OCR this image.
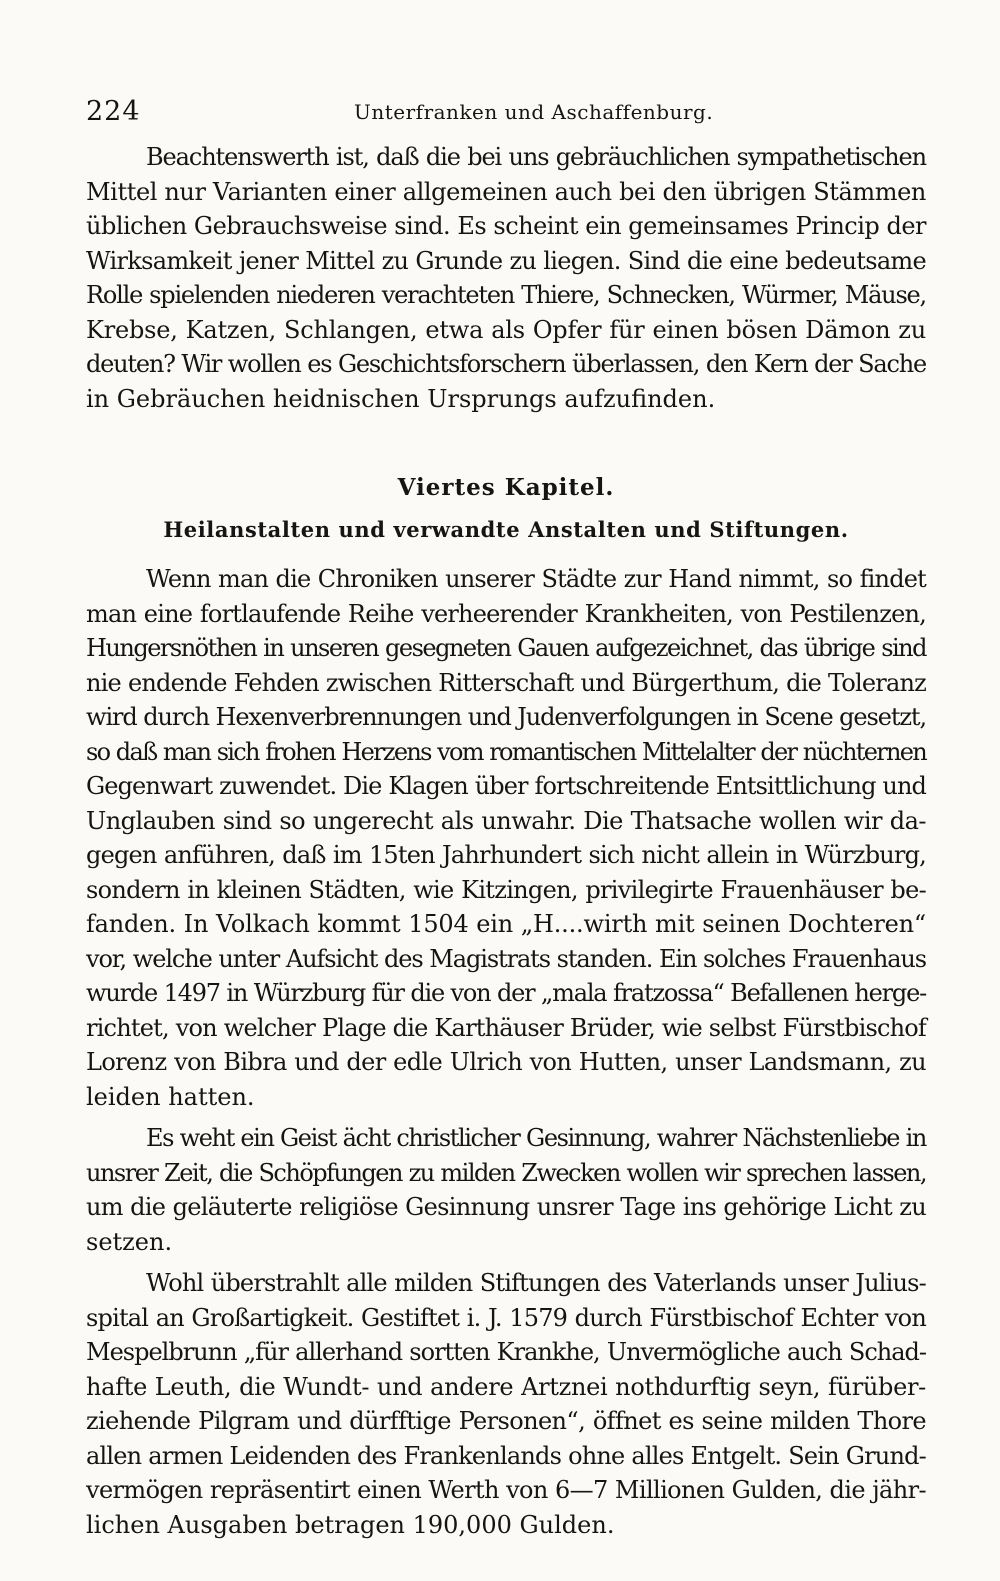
224	Unterfranken und Aschaffenburg.

Beachtenswerth ist, daß die bei uns gebräuchlichen sympathetischen
Mittel nur Varianten einer allgemeinen auch bei den übrigen Stämmen
üblichen Gebrauchsweise sind. Es scheint ein gemeinsames Princip der
Wirksamkeit jener Mittel zu Grunde zu liegen. Sind die eine bedeutsame
Rolle spielenden niederen verachteten Thiere, Schnecken, Würmer, Mäuse,
Krebse, Katzen, Schlangen, etwa als Opfer für einen bösen Dämon zu
deuten? Wir wollen es Geschichtsforschern überlassen, den Kern der Sache
in Gebräuchen heidnischen Ursprungs aufzufinden.

Viertes Kapitel.
Heilanstalten und verwandte Anstalten und Stiftungen.

Wenn man die Chroniken unserer Städte zur Hand nimmt, so findet
man eine fortlaufende Reihe verheerender Krankheiten, von Pestilenzen,
Hungersnöthen in unseren gesegneten Gauen aufgezeichnet, das übrige sind
nie endende Fehden zwischen Ritterschaft und Bürgerthum, die Toleranz
wird durch Hexenverbrennungen und Judenverfolgungen in Scene gesetzt,
so daß man sich frohen Herzens vom romantischen Mittelalter der nüchternen
Gegenwart zuwendet. Die Klagen über fortschreitende Entsittlichung und
Unglauben sind so ungerecht als unwahr. Die Thatsache wollen wir da-
gegen anführen, daß im 15ten Jahrhundert sich nicht allein in Würzburg,
sondern in kleinen Städten, wie Kitzingen, privilegirte Frauenhäuser be-
fanden. In Volkach kommt 1504 ein „H....wirth mit seinen Dochteren“
vor, welche unter Aufsicht des Magistrats standen. Ein solches Frauenhaus
wurde 1497 in Würzburg für die von der „mala fratzossa“ Befallenen herge-
richtet, von welcher Plage die Karthäuser Brüder, wie selbst Fürstbischof
Lorenz von Bibra und der edle Ulrich von Hutten, unser Landsmann, zu
leiden hatten.

Es weht ein Geist ächt christlicher Gesinnung, wahrer Nächstenliebe in
unsrer Zeit, die Schöpfungen zu milden Zwecken wollen wir sprechen lassen,
um die geläuterte religiöse Gesinnung unsrer Tage ins gehörige Licht zu
setzen.

Wohl überstrahlt alle milden Stiftungen des Vaterlands unser Julius-
spital an Großartigkeit. Gestiftet i. J. 1579 durch Fürstbischof Echter von
Mespelbrunn „für allerhand sortten Krankhe, Unvermögliche auch Schad-
hafte Leuth, die Wundt- und andere Artznei nothdurftig seyn, fürüber-
ziehende Pilgram und dürfftige Personen“, öffnet es seine milden Thore
allen armen Leidenden des Frankenlands ohne alles Entgelt. Sein Grund-
vermögen repräsentirt einen Werth von 6—7 Millionen Gulden, die jähr-
lichen Ausgaben betragen 190,000 Gulden.
